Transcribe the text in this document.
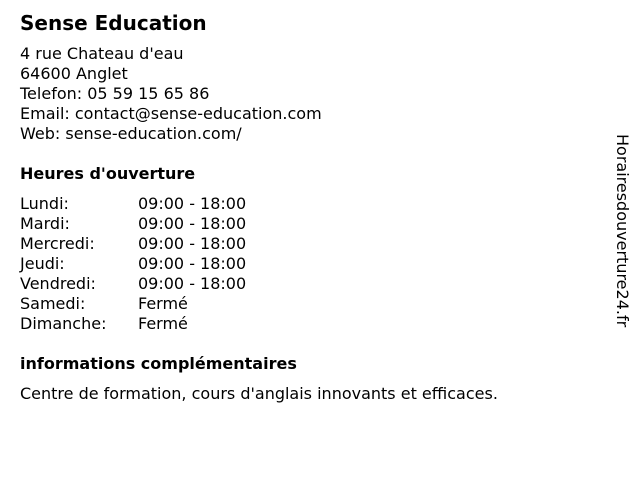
Sense Education
4 rue Chateau d'eau
64600 Anglet
Telefon: 05 59 15 65 86
Email: contact@sense-education.com
Web: sense-education.com/
Heures d'ouverture
Lundi:	09:00 - 18:00
Mardi:	09:00 - 18:00
Mercredi:	09:00 - 18:00
Jeudi:	09:00 - 18:00
Vendredi:	09:00 - 18:00
Samedi:	Fermé
Dimanche: Fermé
informations complémentaires
Centre de formation, cours d'anglais innovants et efficaces.
Horairesdouverture24.fr
